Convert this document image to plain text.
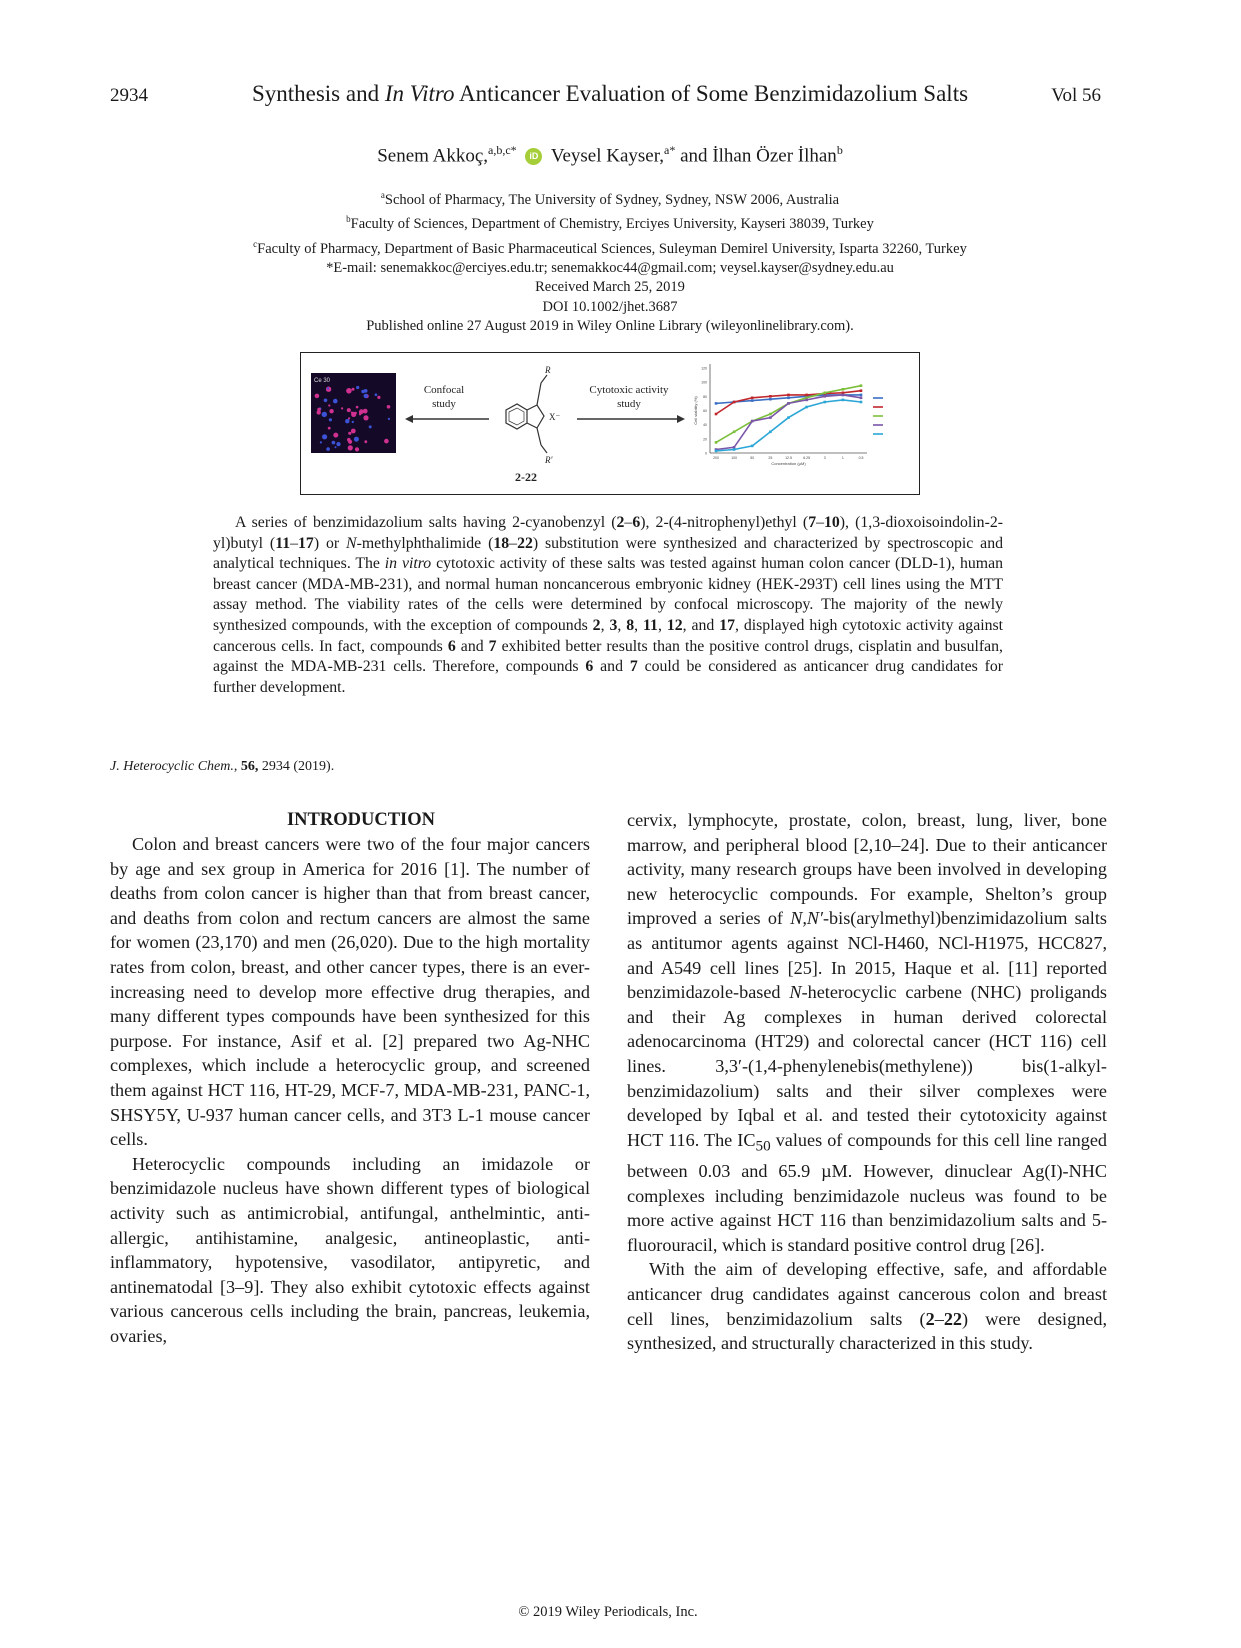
2934	Vol 56
Synthesis and In Vitro Anticancer Evaluation of Some Benzimidazolium Salts
Senem Akkoç,$^{a,b,c*}$ iD Veysel Kayser,$^{a*}$ and İlhan Özer İlhan$^b$
$^a$School of Pharmacy, The University of Sydney, Sydney, NSW 2006, Australia
$^b$Faculty of Sciences, Department of Chemistry, Erciyes University, Kayseri 38039, Turkey
$^c$Faculty of Pharmacy, Department of Basic Pharmaceutical Sciences, Suleyman Demirel University, Isparta 32260, Turkey
*E-mail: senemakkoc@erciyes.edu.tr; senemakkoc44@gmail.com; veysel.kayser@sydney.edu.au
Received March 25, 2019
DOI 10.1002/jhet.3687
Published online 27 August 2019 in Wiley Online Library (wileyonlinelibrary.com).
Ce 30
Confocal
study
R
R'
X⁻
2-22
Cytotoxic activity
study
0
20
40
60
80
100
120
200	100	50	25	12.5	6.25	3	1	0.5
Concentration (µM)
Cell viability (%)
A series of benzimidazolium salts having 2-cyanobenzyl (2–6), 2-(4-nitrophenyl)ethyl (7–10), (1,3-dioxoisoindolin-2-yl)butyl (11–17) or N-methylphthalimide (18–22) substitution were synthesized and characterized by spectroscopic and analytical techniques. The in vitro cytotoxic activity of these salts was tested against human colon cancer (DLD-1), human breast cancer (MDA-MB-231), and normal human noncancerous embryonic kidney (HEK-293T) cell lines using the MTT assay method. The viability rates of the cells were determined by confocal microscopy. The majority of the newly synthesized compounds, with the exception of compounds 2, 3, 8, 11, 12, and 17, displayed high cytotoxic activity against cancerous cells. In fact, compounds 6 and 7 exhibited better results than the positive control drugs, cisplatin and busulfan, against the MDA-MB-231 cells. Therefore, compounds 6 and 7 could be considered as anticancer drug candidates for further development.
J. Heterocyclic Chem., 56, 2934 (2019).

INTRODUCTION

Colon and breast cancers were two of the four major cancers by age and sex group in America for 2016 [1]. The number of deaths from colon cancer is higher than that from breast cancer, and deaths from colon and rectum cancers are almost the same for women (23,170) and men (26,020). Due to the high mortality rates from colon, breast, and other cancer types, there is an ever-increasing need to develop more effective drug therapies, and many different types compounds have been synthesized for this purpose. For instance, Asif et al. [2] prepared two Ag-NHC complexes, which include a heterocyclic group, and screened them against HCT 116, HT-29, MCF-7, MDA-MB-231, PANC-1, SHSY5Y, U-937 human cancer cells, and 3T3 L-1 mouse cancer cells.

Heterocyclic compounds including an imidazole or benzimidazole nucleus have shown different types of biological activity such as antimicrobial, antifungal, anthelmintic, anti-allergic, antihistamine, analgesic, antineoplastic, anti-inflammatory, hypotensive, vasodilator, antipyretic, and antinematodal [3–9]. They also exhibit cytotoxic effects against various cancerous cells including the brain, pancreas, leukemia, ovaries,

cervix, lymphocyte, prostate, colon, breast, lung, liver, bone marrow, and peripheral blood [2,10–24]. Due to their anticancer activity, many research groups have been involved in developing new heterocyclic compounds. For example, Shelton’s group improved a series of N,N′-bis(arylmethyl)benzimidazolium salts as antitumor agents against NCl-H460, NCl-H1975, HCC827, and A549 cell lines [25]. In 2015, Haque et al. [11] reported benzimidazole-based N-heterocyclic carbene (NHC) proligands and their Ag complexes in human derived colorectal adenocarcinoma (HT29) and colorectal cancer (HCT 116) cell lines. 3,3′-(1,4-phenylenebis(methylene)) bis(1-alkyl-benzimidazolium) salts and their silver complexes were developed by Iqbal et al. and tested their cytotoxicity against HCT 116. The $IC_{50}$ values of compounds for this cell line ranged between 0.03 and 65.9 µM. However, dinuclear Ag(I)-NHC complexes including benzimidazole nucleus was found to be more active against HCT 116 than benzimidazolium salts and 5-fluorouracil, which is standard positive control drug [26].

With the aim of developing effective, safe, and affordable anticancer drug candidates against cancerous colon and breast cell lines, benzimidazolium salts (2–22) were designed, synthesized, and structurally characterized in this study.

© 2019 Wiley Periodicals, Inc.
